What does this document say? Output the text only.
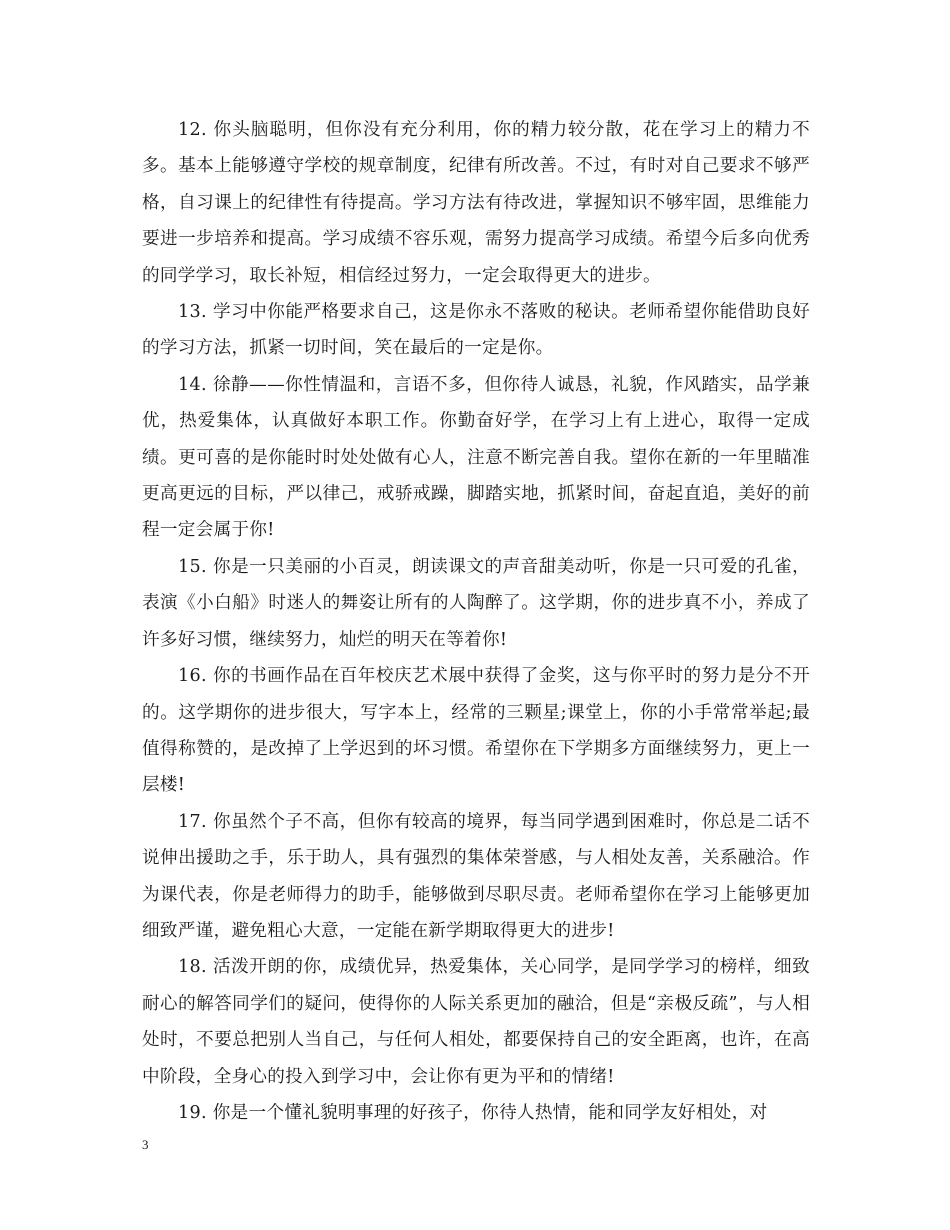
12. 你头脑聪明，但你没有充分利用，你的精力较分散，花在学习上的精力不多。基本上能够遵守学校的规章制度，纪律有所改善。不过，有时对自己要求不够严格，自习课上的纪律性有待提高。学习方法有待改进，掌握知识不够牢固，思维能力要进一步培养和提高。学习成绩不容乐观，需努力提高学习成绩。希望今后多向优秀的同学学习，取长补短，相信经过努力，一定会取得更大的进步。

13. 学习中你能严格要求自己，这是你永不落败的秘诀。老师希望你能借助良好的学习方法，抓紧一切时间，笑在最后的一定是你。

14. 徐静——你性情温和，言语不多，但你待人诚恳，礼貌，作风踏实，品学兼优，热爱集体，认真做好本职工作。你勤奋好学，在学习上有上进心，取得一定成绩。更可喜的是你能时时处处做有心人，注意不断完善自我。望你在新的一年里瞄准更高更远的目标，严以律己，戒骄戒躁，脚踏实地，抓紧时间，奋起直追，美好的前程一定会属于你!

15. 你是一只美丽的小百灵，朗读课文的声音甜美动听，你是一只可爱的孔雀，表演《小白船》时迷人的舞姿让所有的人陶醉了。这学期，你的进步真不小，养成了许多好习惯，继续努力，灿烂的明天在等着你!

16. 你的书画作品在百年校庆艺术展中获得了金奖，这与你平时的努力是分不开的。这学期你的进步很大，写字本上，经常的三颗星;课堂上，你的小手常常举起;最值得称赞的，是改掉了上学迟到的坏习惯。希望你在下学期多方面继续努力，更上一层楼!

17. 你虽然个子不高，但你有较高的境界，每当同学遇到困难时，你总是二话不说伸出援助之手，乐于助人，具有强烈的集体荣誉感，与人相处友善，关系融洽。作为课代表，你是老师得力的助手，能够做到尽职尽责。老师希望你在学习上能够更加细致严谨，避免粗心大意，一定能在新学期取得更大的进步!

18. 活泼开朗的你，成绩优异，热爱集体，关心同学，是同学学习的榜样，细致耐心的解答同学们的疑问，使得你的人际关系更加的融洽，但是“亲极反疏”，与人相处时，不要总把别人当自己，与任何人相处，都要保持自己的安全距离，也许，在高中阶段，全身心的投入到学习中，会让你有更为平和的情绪!

19. 你是一个懂礼貌明事理的好孩子，你待人热情，能和同学友好相处，对

3
